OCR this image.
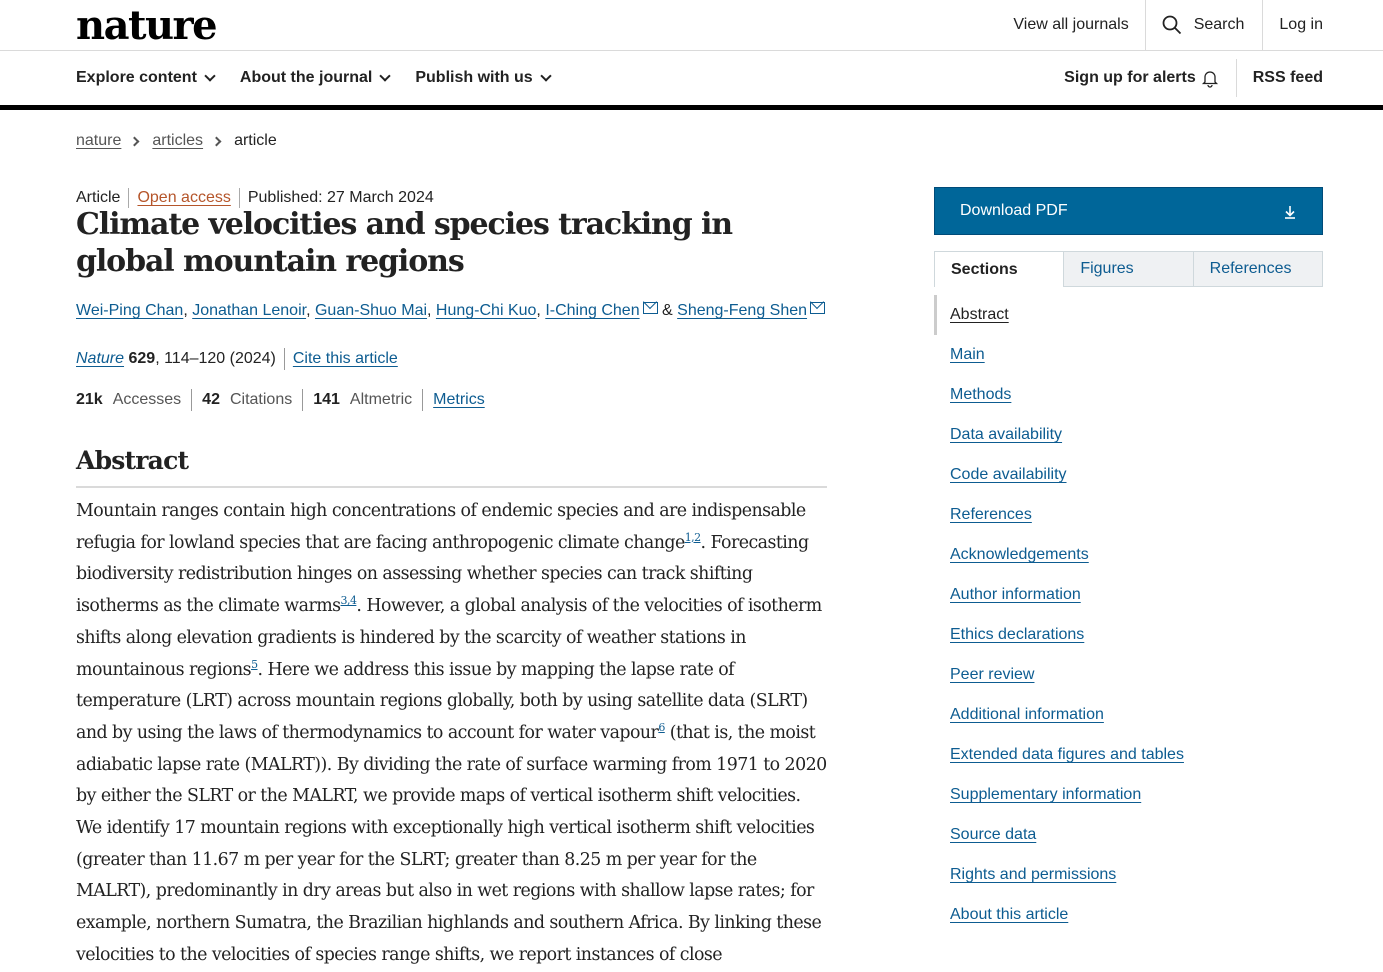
nature	View all journals	Search	Log in
Explore content	About the journal	Publish with us	Sign up for alerts	RSS feed
nature articles article
Article Open access Published: 27 March 2024
Climate velocities and species tracking in global mountain regions
Wei-Ping Chan, Jonathan Lenoir, Guan-Shuo Mai, Hung-Chi Kuo, I-Ching Chen & Sheng-Feng Shen
Nature
629 , 114–120 (2024) Cite this article
21k Accesses 42 Citations 141 Altmetric Metrics
Abstract

Mountain ranges contain high concentrations of endemic species and are indispensable refugia for lowland species that are facing anthropogenic climate change$^{1,2}$. Forecasting biodiversity redistribution hinges on assessing whether species can track shifting isotherms as the climate warms$^{3,4}$. However, a global analysis of the velocities of isotherm shifts along elevation gradients is hindered by the scarcity of weather stations in mountainous regions$^5$. Here we address this issue by mapping the lapse rate of temperature (LRT) across mountain regions globally, both by using satellite data (SLRT) and by using the laws of thermodynamics to account for water vapour$^6$ (that is, the moist adiabatic lapse rate (MALRT)). By dividing the rate of surface warming from 1971 to 2020 by either the SLRT or the MALRT, we provide maps of vertical isotherm shift velocities. We identify 17 mountain regions with exceptionally high vertical isotherm shift velocities (greater than 11.67 m per year for the SLRT; greater than 8.25 m per year for the MALRT), predominantly in dry areas but also in wet regions with shallow lapse rates; for example, northern Sumatra, the Brazilian highlands and southern Africa. By linking these velocities to the velocities of species range shifts, we report instances of close

Download PDF
Sections	Figures	References
Abstract
Main
Methods
Data availability
Code availability
References
Acknowledgements
Author information
Ethics declarations
Peer review
Additional information
Extended data figures and tables
Supplementary information
Source data
Rights and permissions
About this article
